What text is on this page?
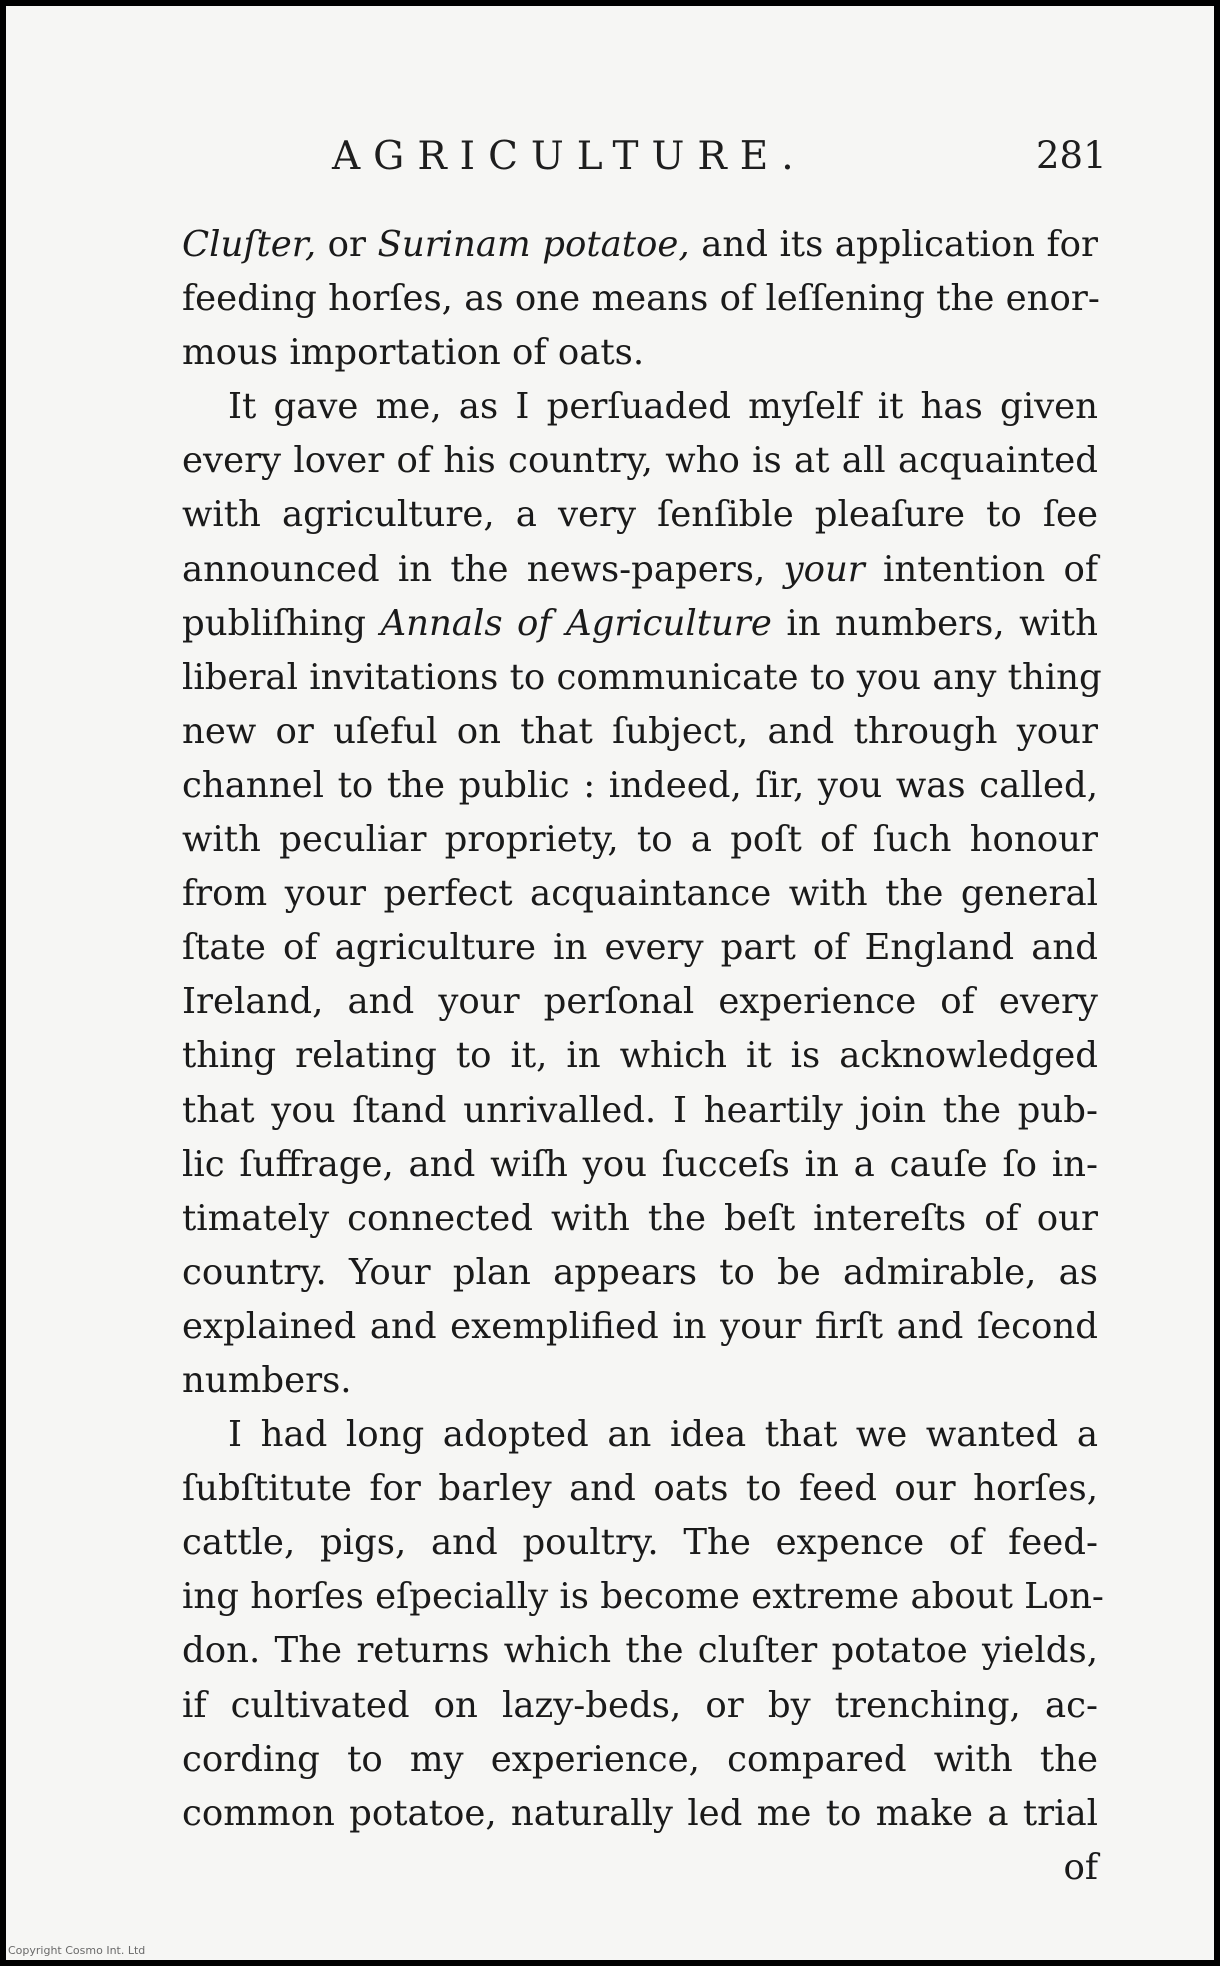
AGRICULTURE.	281
Cluſter, or Surinam potatoe, and its application for
feeding horſes, as one means of leſſening the enor-
mous importation of oats.
It gave me, as I perſuaded myſelf it has given
every lover of his country, who is at all acquainted
with agriculture, a very ſenſible pleaſure to ſee
announced in the news-papers, your intention of
publiſhing Annals of Agriculture in numbers, with
liberal invitations to communicate to you any thing
new or uſeful on that ſubject, and through your
channel to the public : indeed, ſir, you was called,
with peculiar propriety, to a poſt of ſuch honour
from your perfect acquaintance with the general
ſtate of agriculture in every part of England and
Ireland, and your perſonal experience of every
thing relating to it, in which it is acknowledged
that you ſtand unrivalled. I heartily join the pub-
lic ſuffrage, and wiſh you ſucceſs in a cauſe ſo in-
timately connected with the beſt intereſts of our
country. Your plan appears to be admirable, as
explained and exemplified in your firſt and ſecond
numbers.
I had long adopted an idea that we wanted a
ſubſtitute for barley and oats to feed our horſes,
cattle, pigs, and poultry. The expence of feed-
ing horſes eſpecially is become extreme about Lon-
don. The returns which the cluſter potatoe yields,
if cultivated on lazy-beds, or by trenching, ac-
cording to my experience, compared with the
common potatoe, naturally led me to make a trial
of
Copyright Cosmo Int. Ltd
